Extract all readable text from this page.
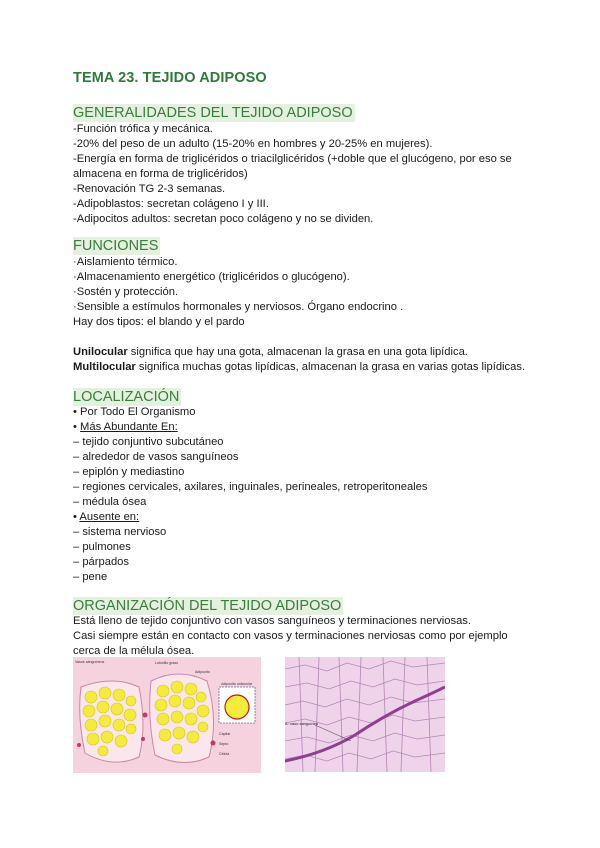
TEMA 23. TEJIDO ADIPOSO
GENERALIDADES DEL TEJIDO ADIPOSO
-Función trófica y mecánica.
-20% del peso de un adulto (15-20% en hombres y 20-25% en mujeres).
-Energía en forma de triglicéridos o triacilglicéridos (+doble que el glucógeno, por eso se
almacena en forma de triglicéridos)
-Renovación TG 2-3 semanas.
-Adipoblastos: secretan colágeno I y III.
-Adipocitos adultos: secretan poco colágeno y no se dividen.
FUNCIONES
·Aislamiento térmico.
·Almacenamiento energético (triglicéridos o glucógeno).
·Sostén y protección.
·Sensible a estímulos hormonales y nerviosos. Órgano endocrino .
Hay dos tipos: el blando y el pardo
Unilocular significa que hay una gota, almacenan la grasa en una gota lipídica.
Multilocular significa muchas gotas lipídicas, almacenan la grasa en varias gotas lipídicas.
LOCALIZACIÓN
• Por Todo El Organismo
• Más Abundante En:
– tejido conjuntivo subcutáneo
– alrededor de vasos sanguíneos
– epiplón y mediastino
– regiones cervicales, axilares, inguinales, perineales, retroperitoneales
– médula ósea
• Ausente en:
– sistema nervioso
– pulmones
– párpados
– pene
ORGANIZACIÓN DEL TEJIDO ADIPOSO
Está lleno de tejido conjuntivo con vasos sanguíneos y terminaciones nerviosas.
Casi siempre están en contacto con vasos y terminaciones nerviosas como por ejemplo
cerca de la mélula ósea.
Vasos sanguíneos	Lobulillo graso
Adipocito
Adipocito unilocular
Capilar
Septo
Célula
A: vaso sanguíneo
